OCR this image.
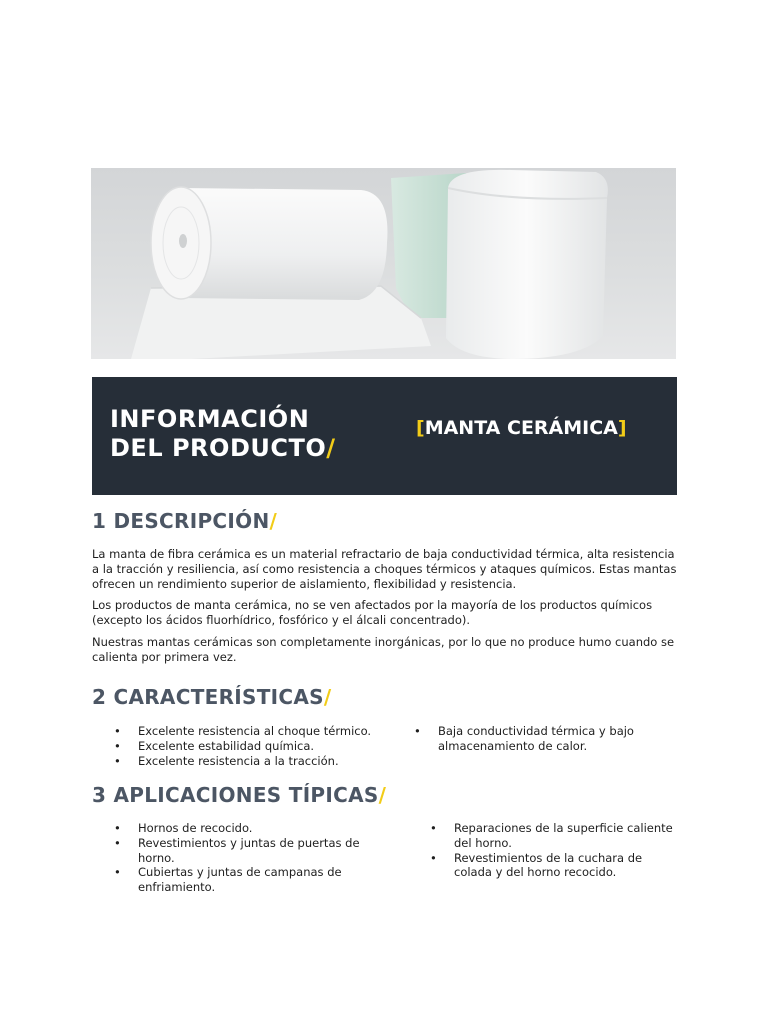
INFORMACIÓN
DEL PRODUCTO/
[MANTA CERÁMICA]
1 DESCRIPCIÓN/

La manta de fibra cerámica es un material refractario de baja conductividad térmica, alta resistencia a la tracción y resiliencia, así como resistencia a choques térmicos y ataques químicos. Estas mantas ofrecen un rendimiento superior de aislamiento, flexibilidad y resistencia.

Los productos de manta cerámica, no se ven afectados por la mayoría de los productos químicos (excepto los ácidos fluorhídrico, fosfórico y el álcali concentrado).

Nuestras mantas cerámicas son completamente inorgánicas, por lo que no produce humo cuando se calienta por primera vez.

2 CARACTERÍSTICAS/
• Excelente resistencia al choque térmico.
• Excelente estabilidad química.
• Excelente resistencia a la tracción.
• Baja conductividad térmica y bajo almacenamiento de calor.
3 APLICACIONES TÍPICAS/
• Hornos de recocido.
• Revestimientos y juntas de puertas de horno.
• Cubiertas y juntas de campanas de enfriamiento.
• Reparaciones de la superficie caliente del horno.
• Revestimientos de la cuchara de colada y del horno recocido.
